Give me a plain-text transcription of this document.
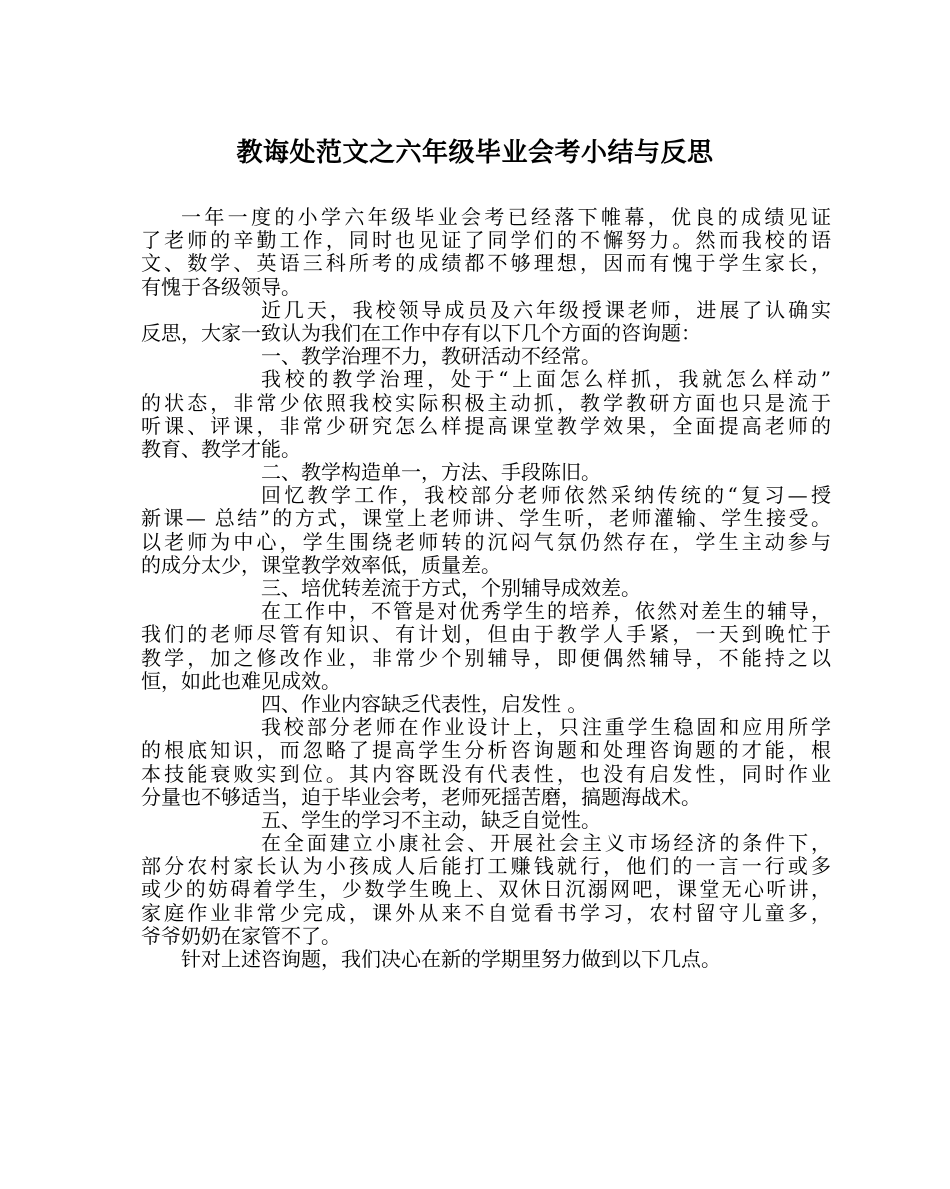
教诲处范文之六年级毕业会考小结与反思
一年一度的小学六年级毕业会考已经落下帷幕，优良的成绩见证
了老师的辛勤工作，同时也见证了同学们的不懈努力。然而我校的语
文、数学、英语三科所考的成绩都不够理想，因而有愧于学生家长，
有愧于各级领导。
近几天，我校领导成员及六年级授课老师，进展了认确实
反思，大家一致认为我们在工作中存有以下几个方面的咨询题：
一、教学治理不力，教研活动不经常。
我校的教学治理，处于“上面怎么样抓，我就怎么样动”
的状态，非常少依照我校实际积极主动抓，教学教研方面也只是流于
听课、评课，非常少研究怎么样提高课堂教学效果，全面提高老师的
教育、教学才能。
二、教学构造单一，方法、手段陈旧。
回忆教学工作，我校部分老师依然采纳传统的“复习—授
新课— 总结”的方式，课堂上老师讲、学生听，老师灌输、学生接受。
以老师为中心，学生围绕老师转的沉闷气氛仍然存在，学生主动参与
的成分太少，课堂教学效率低，质量差。
三、培优转差流于方式，个别辅导成效差。
在工作中，不管是对优秀学生的培养，依然对差生的辅导，
我们的老师尽管有知识、有计划，但由于教学人手紧，一天到晚忙于
教学，加之修改作业，非常少个别辅导，即便偶然辅导，不能持之以
恒，如此也难见成效。
四、作业内容缺乏代表性，启发性 。
我校部分老师在作业设计上，只注重学生稳固和应用所学
的根底知识，而忽略了提高学生分析咨询题和处理咨询题的才能，根
本技能衰败实到位。其内容既没有代表性，也没有启发性，同时作业
分量也不够适当，迫于毕业会考，老师死揺苦磨，搞题海战术。
五、学生的学习不主动，缺乏自觉性。
在全面建立小康社会、开展社会主义市场经济的条件下，
部分农村家长认为小孩成人后能打工赚钱就行，他们的一言一行或多
或少的妨碍着学生，少数学生晚上、双休日沉溺网吧，课堂无心听讲，
家庭作业非常少完成，课外从来不自觉看书学习，农村留守儿童多，
爷爷奶奶在家管不了。
针对上述咨询题，我们决心在新的学期里努力做到以下几点。
